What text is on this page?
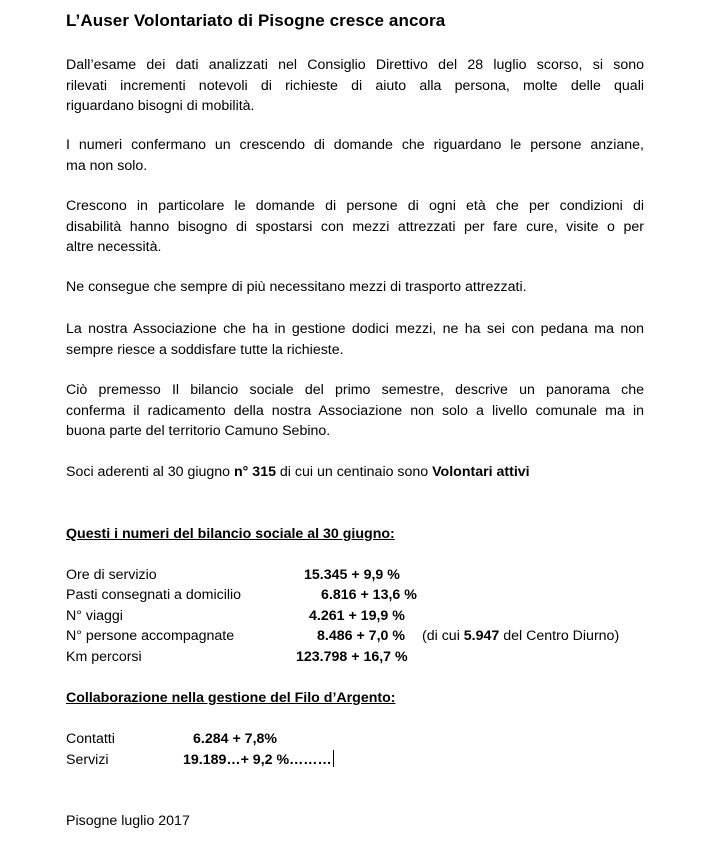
L’Auser Volontariato di Pisogne cresce ancora
Dall’esame dei dati analizzati nel Consiglio Direttivo del 28 luglio scorso, si sono
rilevati incrementi notevoli di richieste di aiuto alla persona, molte delle quali
riguardano bisogni di mobilità.
I numeri confermano un crescendo di domande che riguardano le persone anziane,
ma non solo.
Crescono in particolare le domande di persone di ogni età che per condizioni di
disabilità hanno bisogno di spostarsi con mezzi attrezzati per fare cure, visite o per
altre necessità.
Ne consegue che sempre di più necessitano mezzi di trasporto attrezzati.
La nostra Associazione che ha in gestione dodici mezzi, ne ha sei con pedana ma non
sempre riesce a soddisfare tutte la richieste.
Ciò premesso Il bilancio sociale del primo semestre, descrive un panorama che
conferma il radicamento della nostra Associazione non solo a livello comunale ma in
buona parte del territorio Camuno Sebino.
Soci aderenti al 30 giugno n° 315 di cui un centinaio sono Volontari attivi
Questi i numeri del bilancio sociale al 30 giugno:
Ore di servizio	15.345 + 9,9 %
Pasti consegnati a domicilio	6.816 + 13,6 %
N° viaggi	4.261 + 19,9 %
N° persone accompagnate	8.486 + 7,0 % (di cui 5.947 del Centro Diurno)
Km percorsi	123.798 + 16,7 %
Collaborazione nella gestione del Filo d’Argento:
Contatti	6.284 + 7,8%
Servizi	19.189…+ 9,2 %………
Pisogne luglio 2017
